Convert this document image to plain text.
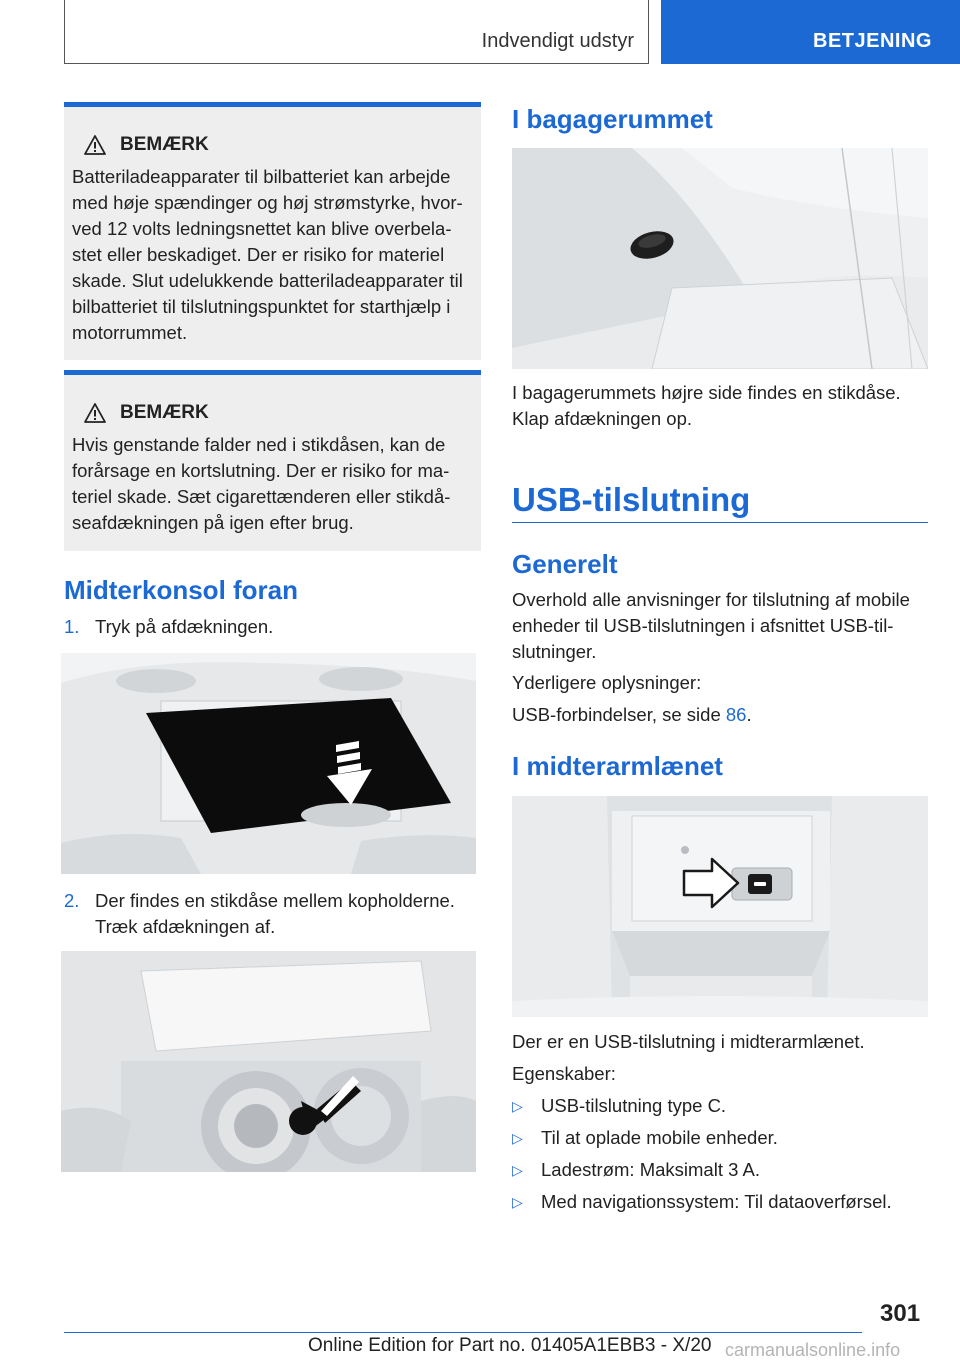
Indvendigt udstyr	BETJENING
BEMÆRK

Batteriladeapparater til bilbatteriet kan arbejde
med høje spændinger og høj strømstyrke, hvor-
ved 12 volts ledningsnettet kan blive overbela-
stet eller beskadiget. Der er risiko for materiel
skade. Slut udelukkende batteriladeapparater til
bilbatteriet til tilslutningspunktet for starthjælp i
motorrummet.

BEMÆRK

Hvis genstande falder ned i stikdåsen, kan de
forårsage en kortslutning. Der er risiko for ma-
teriel skade. Sæt cigarettænderen eller stikdå-
seafdækningen på igen efter brug.

Midterkonsol foran
1. Tryk på afdækningen.
2. Der findes en stikdåse mellem kopholderne.
Træk afdækningen af.
I bagagerummet
I bagagerummets højre side findes en stikdåse.
Klap afdækningen op.
USB-tilslutning
Generelt
Overhold alle anvisninger for tilslutning af mobile
enheder til USB-tilslutningen i afsnittet USB-til-
slutninger.
Yderligere oplysninger:
USB-forbindelser, se side 86.
I midterarmlænet
Der er en USB-tilslutning i midterarmlænet.
Egenskaber:
▷ USB-tilslutning type C.
▷ Til at oplade mobile enheder.
▷ Ladestrøm: Maksimalt 3 A.
▷ Med navigationssystem: Til dataoverførsel.
301
Online Edition for Part no. 01405A1EBB3 - X/20 carmanualsonline.info
